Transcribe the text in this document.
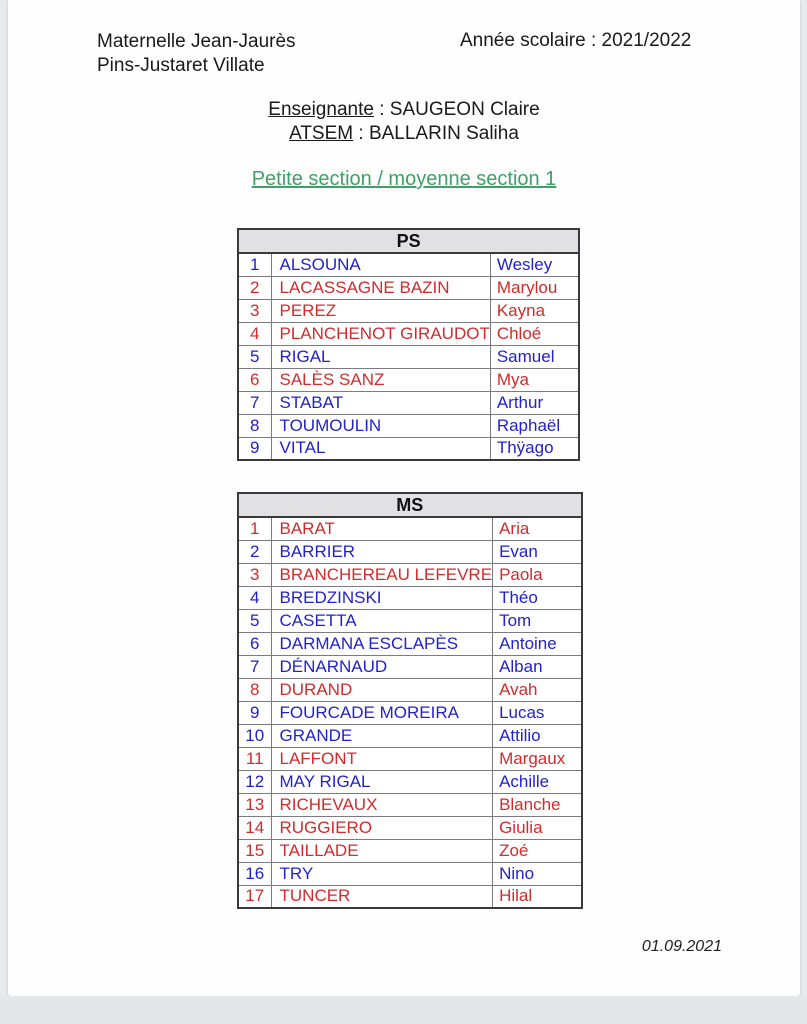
Maternelle Jean-Jaurès
Pins-Justaret Villate
Année scolaire : 2021/2022
Enseignante : SAUGEON Claire
ATSEM : BALLARIN Saliha
Petite section / moyenne section 1
PS		
1	ALSOUNA	Wesley
2	LACASSAGNE BAZIN	Marylou
3	PEREZ	Kayna
4	PLANCHENOT GIRAUDOT	Chloé
5	RIGAL	Samuel
6	SALÈS SANZ	Mya
7	STABAT	Arthur
8	TOUMOULIN	Raphaël
9	VITAL	Thÿago
MS		
1	BARAT	Aria
2	BARRIER	Evan
3	BRANCHEREAU LEFEVRE	Paola
4	BREDZINSKI	Théo
5	CASETTA	Tom
6	DARMANA ESCLAPÈS	Antoine
7	DÉNARNAUD	Alban
8	DURAND	Avah
9	FOURCADE MOREIRA	Lucas
10	GRANDE	Attilio
11	LAFFONT	Margaux
12	MAY RIGAL	Achille
13	RICHEVAUX	Blanche
14	RUGGIERO	Giulia
15	TAILLADE	Zoé
16	TRY	Nino
17	TUNCER	Hilal
01.09.2021
